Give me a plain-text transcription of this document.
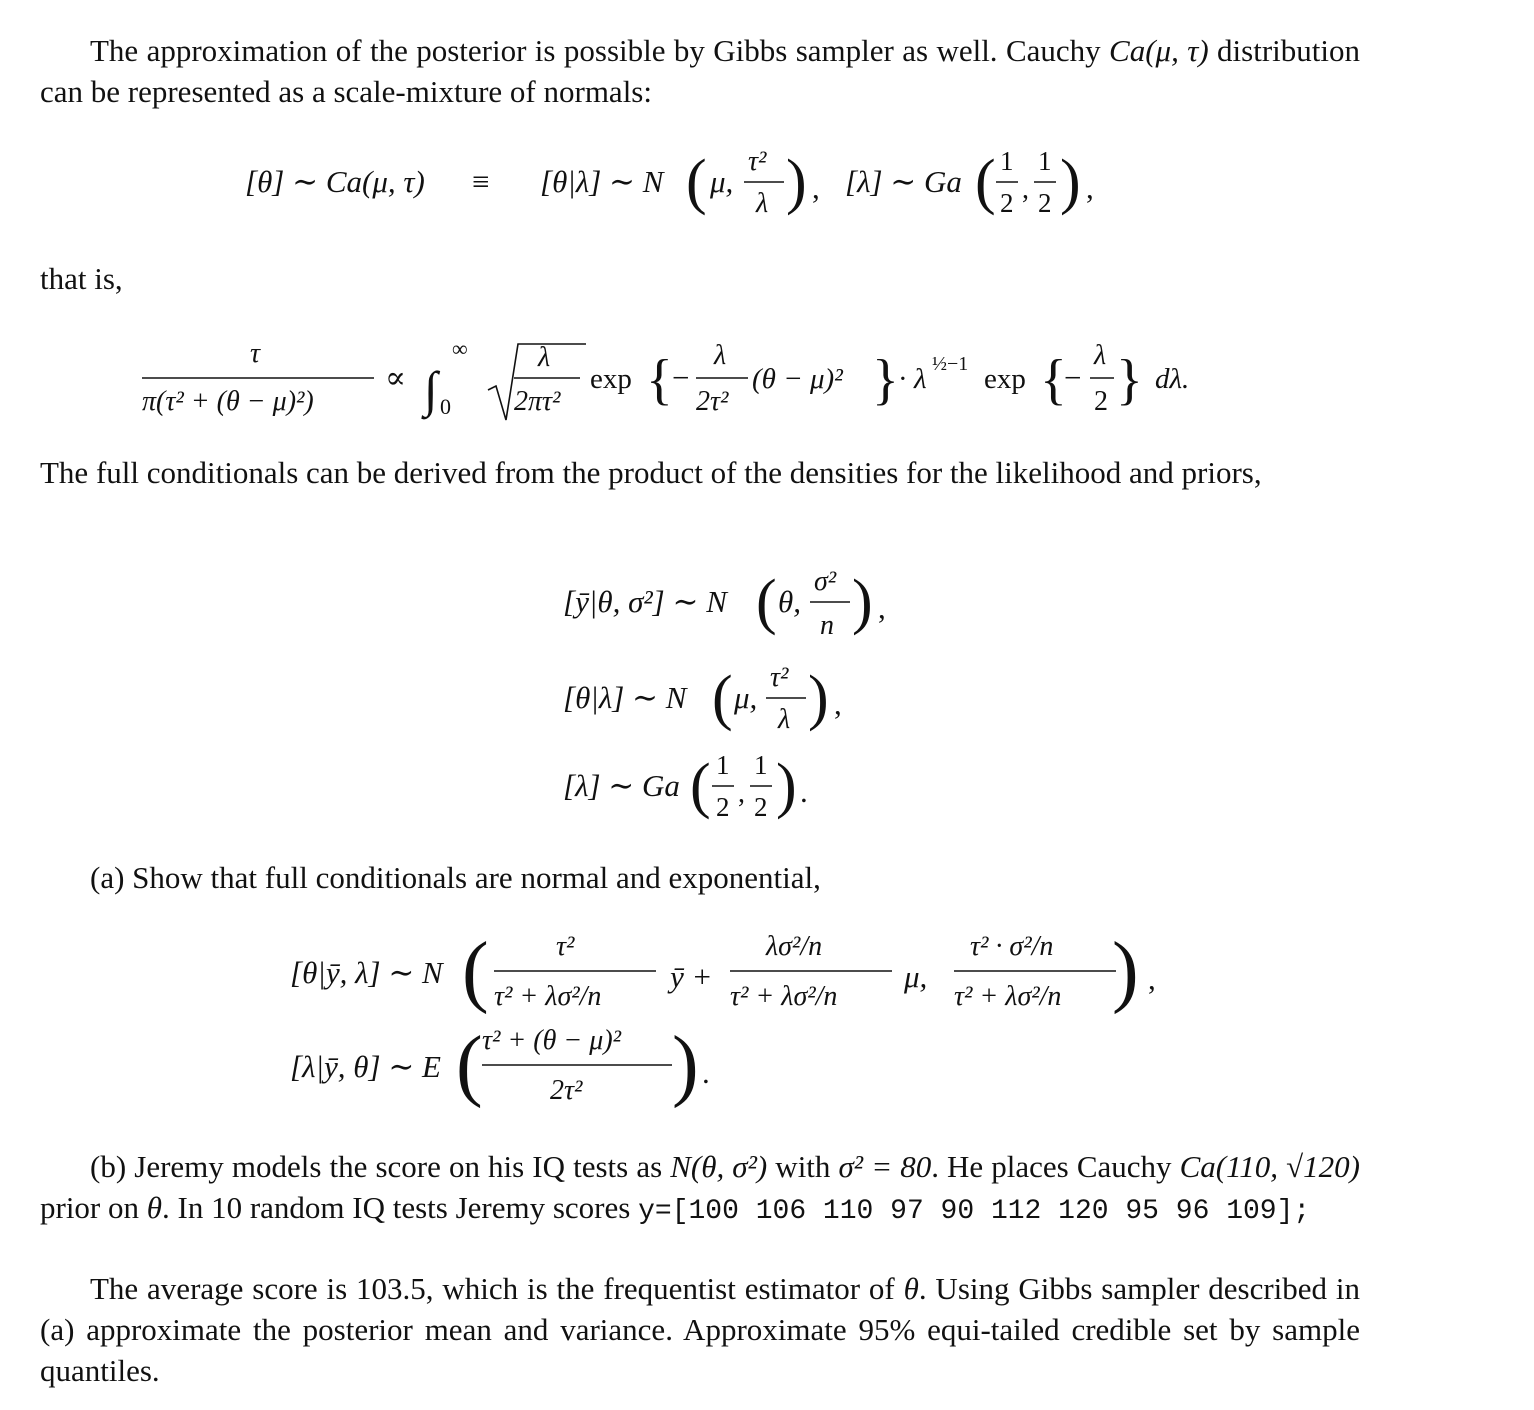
The approximation of the posterior is possible by Gibbs sampler as well. Cauchy Ca(μ, τ) distribution can be represented as a scale-mixture of normals:

[θ] ∼ Ca(μ, τ) ≡ [θ|λ] ∼ N ( μ,
τ²
λ ) , [λ] ∼ Ga ( 1
2 ,
1
2 ) ,

that is,

τ
π(τ² + (θ − μ)²)
∝ ∫
∞
0
λ
2πτ²
exp { −
λ
2τ²
(θ − μ)² } · λ ½−1 exp {
−
λ
2 } dλ.

The full conditionals can be derived from the product of the densities for the likelihood and priors,

[ȳ|θ, σ²] ∼ N ( θ,
σ²
n ) ,
[θ|λ] ∼ N ( μ,
τ²
λ ) ,
[λ] ∼ Ga ( 1
2 ,
1
2 ) .

(a) Show that full conditionals are normal and exponential,

[θ|ȳ, λ] ∼ N ( τ²
τ² + λσ²/n
ȳ +
λσ²/n
τ² + λσ²/n
μ,
τ² · σ²/n
τ² + λσ²/n ) ,
[λ|ȳ, θ] ∼ E ( τ² + (θ − μ)²
2τ² ) .

(b) Jeremy models the score on his IQ tests as N(θ, σ²) with σ² = 80. He places Cauchy Ca(110, √120) prior on θ. In 10 random IQ tests Jeremy scores y=[100 106 110 97 90 112 120 95 96 109];

The average score is 103.5, which is the frequentist estimator of θ. Using Gibbs sampler described in (a) approximate the posterior mean and variance. Approximate 95% equi-tailed credible set by sample quantiles.
